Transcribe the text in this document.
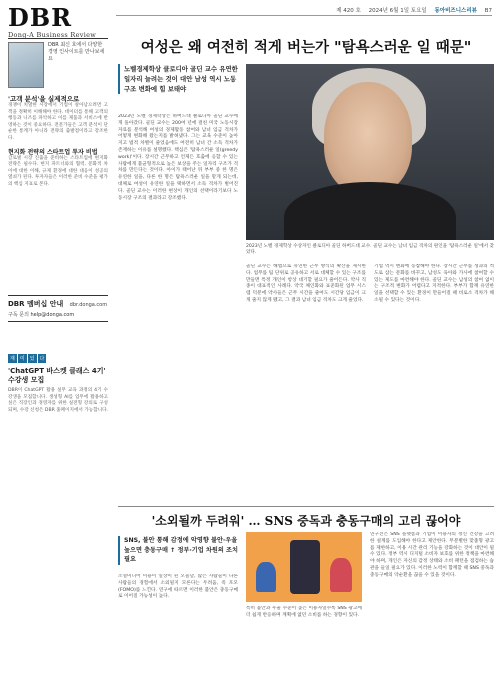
DBR
Dong-A Business Review
제 420 호 2024년 6월 1일 토요일 동아비즈니스리뷰 B7
DBR 최신 호에서 다양한 경영 인사이트를 만나보세요
'고객 분석'을 실제적으로

경쟁이 치열한 시장에서 기업이 살아남으려면 고객을 정확히 이해해야 한다. 데이터를 통해 고객의 행동과 니즈를 파악하고 이를 제품과 서비스에 반영하는 것이 중요하다. 전문가들은 고객 분석이 단순한 통계가 아니라 전략의 출발점이라고 강조한다.

현지화 전략의 스타트업 투자 비법

글로벌 시장 진출을 준비하는 스타트업에 현지화 전략은 필수다. 현지 파트너와의 협력, 문화적 차이에 대한 이해, 규제 환경에 대한 대응이 성공의 열쇠가 된다. 투자자들은 이러한 준비 수준을 평가의 핵심 지표로 본다.

DBR 멤버십 안내 dbr.donga.com
구독 문의 help@donga.com
재	미	있	다
'ChatGPT 바스켓 클래스 4기' 수강생 모집

DBR이 ChatGPT 활용 실무 교육 과정의 4기 수강생을 모집합니다. 생성형 AI를 업무에 활용하고 싶은 직장인과 경영자를 위한 실전형 강의로 구성되며, 수강 신청은 DBR 홈페이지에서 가능합니다.

여성은 왜 여전히 적게 버는가 "탐욕스러운 일 때문"
노벨경제학상 클로디아 골딘 교수 유연한 일자리 늘려는 것이 대안 남성 역시 노동구조 변화에 힘 보태야
2023년 노벨 경제학상 수상자인 클로디아 골딘 하버드대 교수. 골딘 교수는 남녀 임금 격차의 원인을 '탐욕스러운 일'에서 찾았다.
2023년 노벨 경제학상은 하버드대 클로디아 골딘 교수에게 돌아갔다. 골딘 교수는 200여 년에 걸친 미국 노동시장 자료를 분석해 여성의 경제활동 참여와 남녀 임금 격차가 어떻게 변화해 왔는지를 밝혀냈다. 그는 교육 수준이 높아지고 법적 차별이 줄었음에도 여전히 남녀 간 소득 격차가 존재하는 이유를 설명했다. 핵심은 '탐욕스러운 일(greedy work)'이다. 장시간 근무하고 언제든 호출에 응할 수 있는 사람에게 불균형적으로 높은 보상을 주는 일자리 구조가 격차를 만든다는 것이다. 아이가 태어난 뒤 부부 중 한 명은 유연한 일을, 다른 한 명은 탐욕스러운 일을 맡게 되는데, 대체로 여성이 유연한 일을 택하면서 소득 격차가 벌어진다. 골딘 교수는 이러한 현상이 개인의 선택이라기보다 노동시장 구조의 결과라고 강조했다.
골딘 교수는 해법으로 유연한 근무 방식의 확산을 제시한다. 업무를 팀 단위로 공유하고 서로 대체할 수 있는 구조를 만들면 특정 개인이 항상 대기할 필요가 줄어든다. 약사 직종이 대표적인 사례다. 약국 체인화와 표준화된 업무 시스템 덕분에 약사들은 근무 시간을 줄여도 시간당 임금이 크게 줄지 않게 됐고, 그 결과 남녀 임금 격차도 크게 줄었다.
기업 역시 변화에 동참해야 한다. 장시간 근무를 성과의 척도로 삼는 문화를 바꾸고, 남성도 육아와 가사에 참여할 수 있는 제도를 마련해야 한다. 골딘 교수는 남성의 참여 없이는 구조적 변화가 어렵다고 지적한다. 부부가 함께 유연한 일을 선택할 수 있는 환경이 만들어질 때 비로소 격차가 해소될 수 있다는 것이다.
'소외될까 두려워' … SNS 중독과 충동구매의 고리 끊어야
SNS, 불안 통해 감정에 악영향 불안·우울 높으면 충동구매 ↑ 정부·기업 차원의 조치 필요
소셜미디어 이용이 일상이 된 오늘날, 많은 사람들이 다른 사람들의 경험에서 소외될지 모른다는 두려움, 즉 포모(FOMO)를 느낀다. 연구에 따르면 이러한 불안은 충동구매로 이어질 가능성이 높다.
특히 불안과 우울 수준이 높은 이용자일수록 SNS 광고에 더 쉽게 반응하며 계획에 없던 소비를 하는 경향이 있다.
연구진은 SNS 플랫폼과 기업이 이용자의 정신 건강을 고려한 설계를 도입해야 한다고 제안한다. 무분별한 맞춤형 광고를 제한하고, 이용 시간 관리 기능을 강화하는 것이 대안이 될 수 있다. 정부 역시 디지털 소비자 보호를 위한 정책을 마련해야 하며, 개인은 자신의 감정 상태와 소비 패턴을 점검하는 습관을 들일 필요가 있다. 이러한 노력이 함께할 때 SNS 중독과 충동구매의 악순환을 끊을 수 있을 것이다.
